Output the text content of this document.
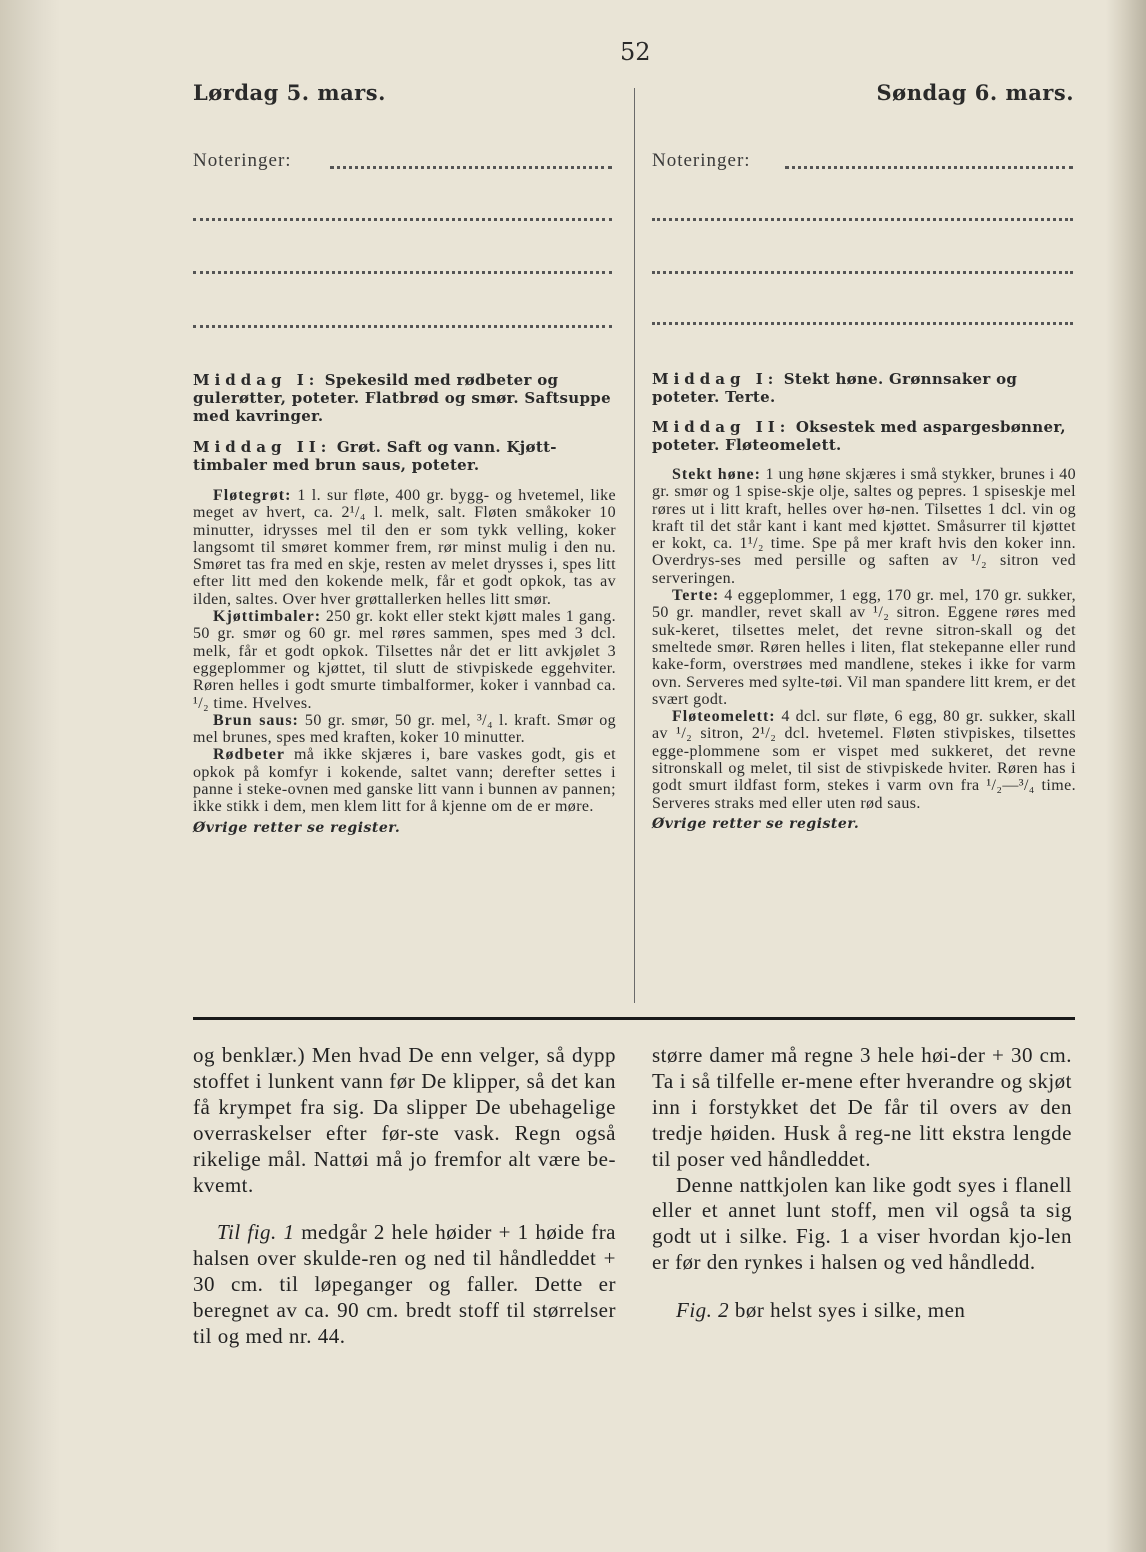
52
Lørdag 5. mars.	Søndag 6. mars.
Noteringer:	Noteringer:
Middag I: Spekesild med rødbeter og gulerøtter, poteter. Flatbrød og smør. Saftsuppe med kavringer.
Middag II: Grøt. Saft og vann. Kjøtt-timbaler med brun saus, poteter.

Fløtegrøt: 1 l. sur fløte, 400 gr. bygg- og hvetemel, like meget av hvert, ca. 2¹/₄ l. melk, salt. Fløten småkoker 10 minutter, idrysses mel til den er som tykk velling, koker langsomt til smøret kommer frem, rør minst mulig i den nu. Smøret tas fra med en skje, resten av melet drysses i, spes litt efter litt med den kokende melk, får et godt opkok, tas av ilden, saltes. Over hver grøttallerken helles litt smør.

Kjøttimbaler: 250 gr. kokt eller stekt kjøtt males 1 gang. 50 gr. smør og 60 gr. mel røres sammen, spes med 3 dcl. melk, får et godt opkok. Tilsettes når det er litt avkjølet 3 eggeplommer og kjøttet, til slutt de stivpiskede eggehviter. Røren helles i godt smurte timbalformer, koker i vannbad ca. ¹/₂ time. Hvelves.

Brun saus: 50 gr. smør, 50 gr. mel, ³/₄ l. kraft. Smør og mel brunes, spes med kraften, koker 10 minutter.

Rødbeter må ikke skjæres i, bare vaskes godt, gis et opkok på komfyr i kokende, saltet vann; derefter settes i panne i steke-ovnen med ganske litt vann i bunnen av pannen; ikke stikk i dem, men klem litt for å kjenne om de er møre.

Øvrige retter se register.

Middag I: Stekt høne. Grønnsaker og poteter. Terte.
Middag II: Oksestek med aspargesbønner, poteter. Fløteomelett.

Stekt høne: 1 ung høne skjæres i små stykker, brunes i 40 gr. smør og 1 spise-skje olje, saltes og pepres. 1 spiseskje mel røres ut i litt kraft, helles over hø-nen. Tilsettes 1 dcl. vin og kraft til det står kant i kant med kjøttet. Småsurrer til kjøttet er kokt, ca. 1¹/₂ time. Spe på mer kraft hvis den koker inn. Overdrys-ses med persille og saften av ¹/₂ sitron ved serveringen.

Terte: 4 eggeplommer, 1 egg, 170 gr. mel, 170 gr. sukker, 50 gr. mandler, revet skall av ¹/₂ sitron. Eggene røres med suk-keret, tilsettes melet, det revne sitron-skall og det smeltede smør. Røren helles i liten, flat stekepanne eller rund kake-form, overstrøes med mandlene, stekes i ikke for varm ovn. Serveres med sylte-tøi. Vil man spandere litt krem, er det svært godt.

Fløteomelett: 4 dcl. sur fløte, 6 egg, 80 gr. sukker, skall av ¹/₂ sitron, 2¹/₂ dcl. hvetemel. Fløten stivpiskes, tilsettes egge-plommene som er vispet med sukkeret, det revne sitronskall og melet, til sist de stivpiskede hviter. Røren has i godt smurt ildfast form, stekes i varm ovn fra ¹/₂—³/₄ time. Serveres straks med eller uten rød saus.

Øvrige retter se register.

og benklær.) Men hvad De enn velger, så dypp stoffet i lunkent vann før De klipper, så det kan få krympet fra sig. Da slipper De ubehagelige overraskelser efter før-ste vask. Regn også rikelige mål. Nattøi må jo fremfor alt være be-kvemt.

Til fig. 1 medgår 2 hele høider + 1 høide fra halsen over skulde-ren og ned til håndleddet + 30 cm. til løpeganger og faller. Dette er beregnet av ca. 90 cm. bredt stoff til størrelser til og med nr. 44.

større damer må regne 3 hele høi-der + 30 cm. Ta i så tilfelle er-mene efter hverandre og skjøt inn i forstykket det De får til overs av den tredje høiden. Husk å reg-ne litt ekstra lengde til poser ved håndleddet.

Denne nattkjolen kan like godt syes i flanell eller et annet lunt stoff, men vil også ta sig godt ut i silke. Fig. 1 a viser hvordan kjo-len er før den rynkes i halsen og ved håndledd.

Fig. 2 bør helst syes i silke, men
